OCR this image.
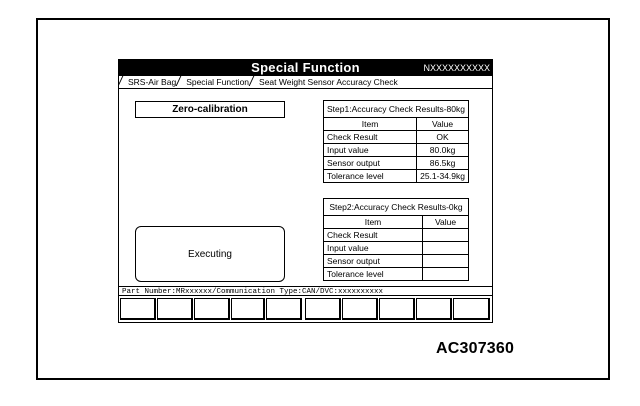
Special Function	NXXXXXXXXXX
SRS-Air Bag Special Function Seat Weight Sensor Accuracy Check
Zero-calibration
Executing
Step1:Accuracy Check Results-80kg	
Item	Value
Check Result	OK
Input value	80.0kg
Sensor output	86.5kg
Tolerance level	25.1-34.9kg
Step2:Accuracy Check Results-0kg	
Item	Value
Check Result	
Input value	
Sensor output	
Tolerance level	
Part Number:MRxxxxxx/Communication Type:CAN/DVC:xxxxxxxxxx
AC307360
